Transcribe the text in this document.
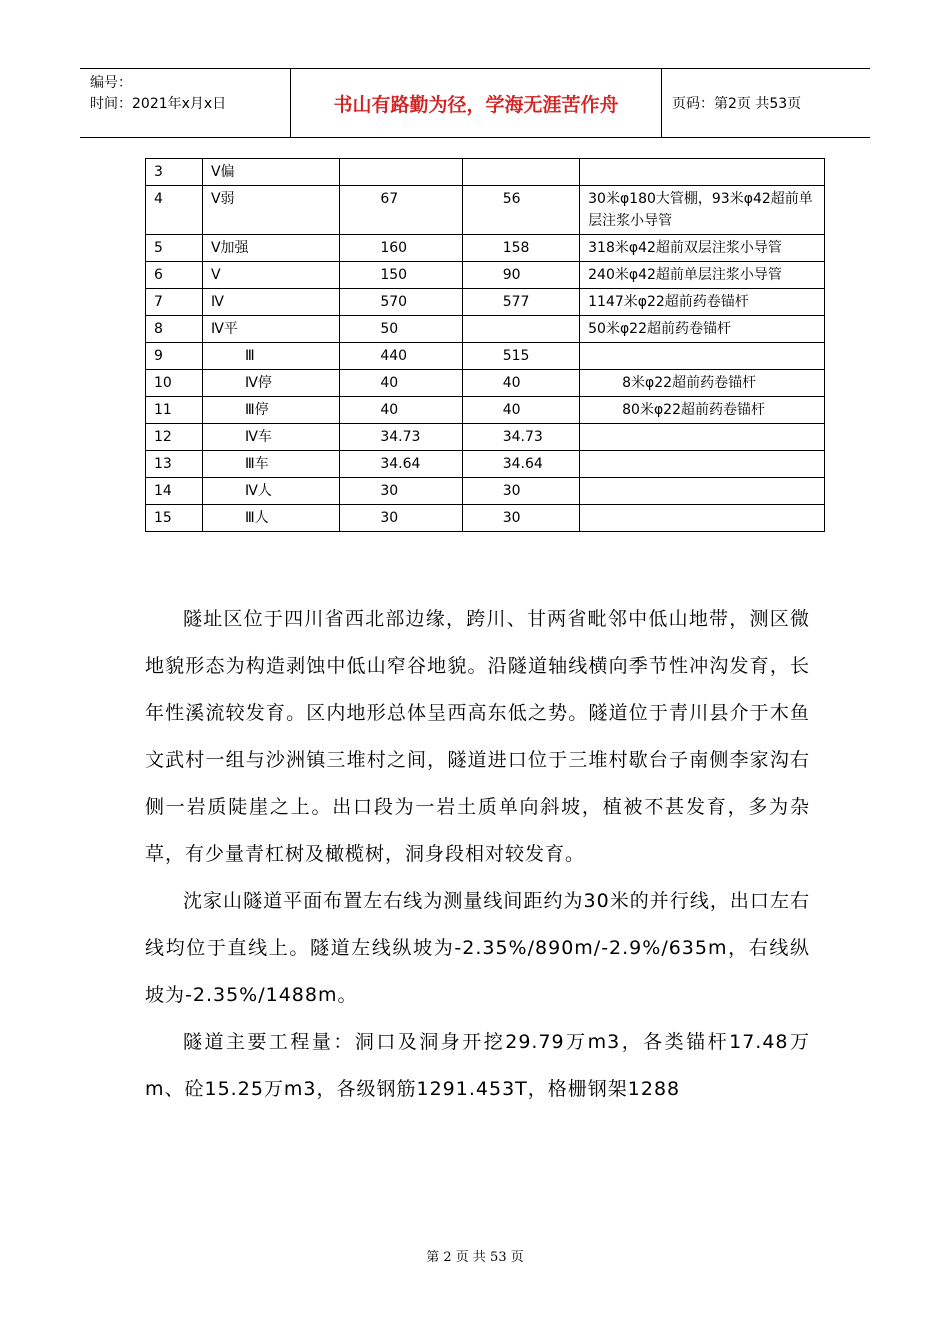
编号：
时间：2021年x月x日	书山有路勤为径，学海无涯苦作舟	页码：第2页 共53页
3	Ⅴ偏			
4	Ⅴ弱	67	56	30米φ180大管棚，93米φ42超前单层注浆小导管
5	Ⅴ加强	160	158	318米φ42超前双层注浆小导管
6	Ⅴ	150	90	240米φ42超前单层注浆小导管
7	Ⅳ	570	577	1147米φ22超前药卷锚杆
8	Ⅳ平	50		50米φ22超前药卷锚杆
9	Ⅲ	440	515	
10	Ⅳ停	40	40	8米φ22超前药卷锚杆
11	Ⅲ停	40	40	80米φ22超前药卷锚杆
12	Ⅳ车	34.73	34.73	
13	Ⅲ车	34.64	34.64	
14	Ⅳ人	30	30	
15	Ⅲ人	30	30	

隧址区位于四川省西北部边缘，跨川、甘两省毗邻中低山地带，测区微地貌形态为构造剥蚀中低山窄谷地貌。沿隧道轴线横向季节性冲沟发育，长年性溪流较发育。区内地形总体呈西高东低之势。隧道位于青川县介于木鱼文武村一组与沙洲镇三堆村之间，隧道进口位于三堆村歇台子南侧李家沟右侧一岩质陡崖之上。出口段为一岩土质单向斜坡，植被不甚发育，多为杂草，有少量青杠树及橄榄树，洞身段相对较发育。

沈家山隧道平面布置左右线为测量线间距约为30米的并行线，出口左右线均位于直线上。隧道左线纵坡为-2.35%/890m/-2.9%/635m，右线纵坡为-2.35%/1488m。

隧道主要工程量：洞口及洞身开挖29.79万m3，各类锚杆17.48万m、砼15.25万m3，各级钢筋1291.453T，格栅钢架1288

第 2 页 共 53 页
